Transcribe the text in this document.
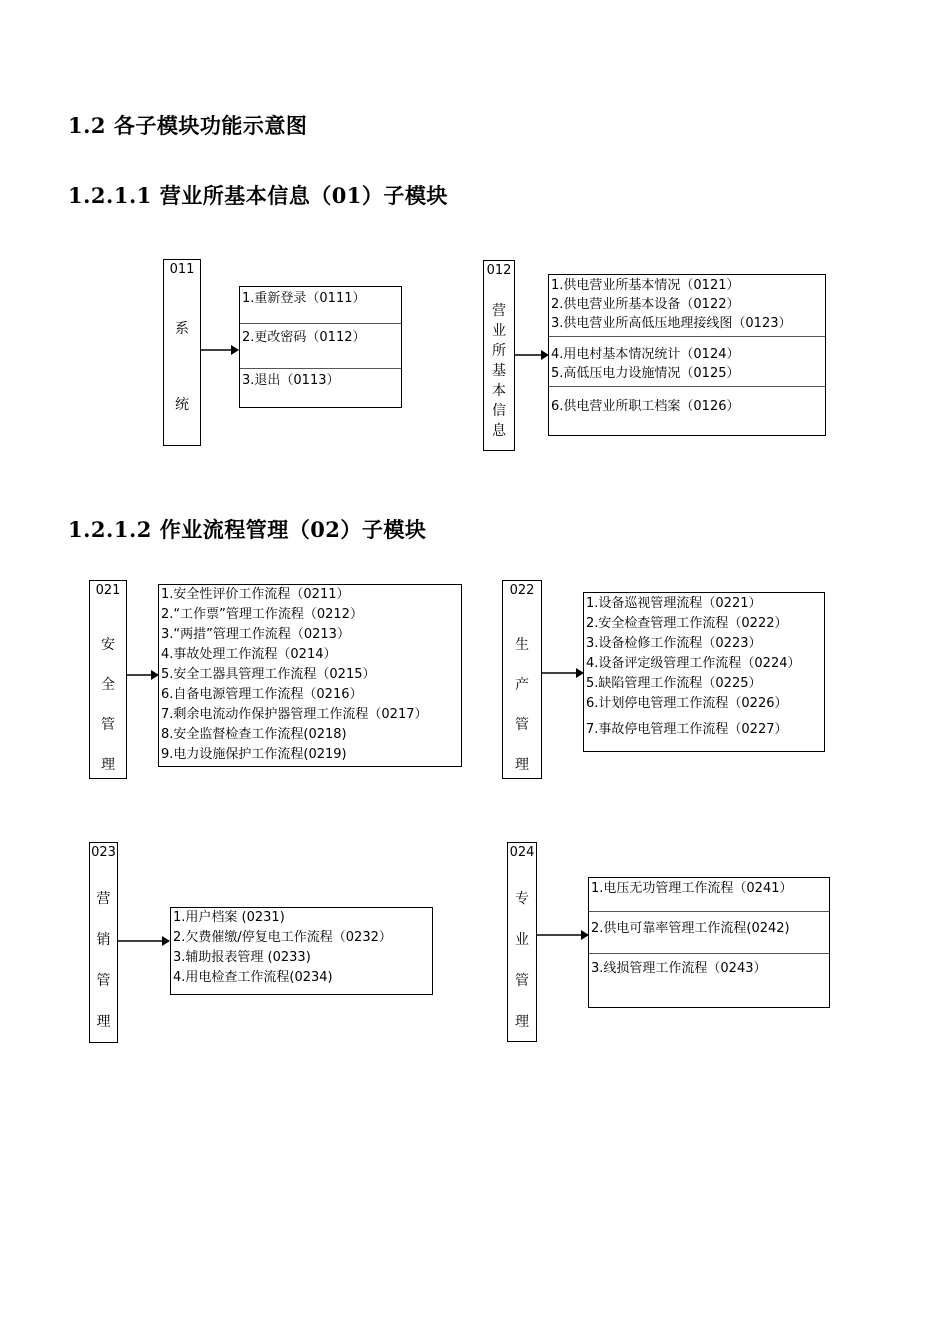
1.2 各子模块功能示意图
1.2.1.1 营业所基本信息（01）子模块
1.2.1.2 作业流程管理（02）子模块
011
系
统
1.重新登录（0111）
2.更改密码（0112）
3.退出（0113）
012
营
业
所
基
本
信
息
1.供电营业所基本情况（0121）
2.供电营业所基本设备（0122）
3.供电营业所高低压地理接线图（0123）
4.用电村基本情况统计（0124）
5.高低压电力设施情况（0125）
6.供电营业所职工档案（0126）
021
安
全
管
理
1.安全性评价工作流程（0211）
2.“工作票”管理工作流程（0212）
3.“两措”管理工作流程（0213）
4.事故处理工作流程（0214）
5.安全工器具管理工作流程（0215）
6.自备电源管理工作流程（0216）
7.剩余电流动作保护器管理工作流程（0217）
8.安全监督检查工作流程(0218)
9.电力设施保护工作流程(0219)
022
生
产
管
理
1.设备巡视管理流程（0221）
2.安全检查管理工作流程（0222）
3.设备检修工作流程（0223）
4.设备评定级管理工作流程（0224）
5.缺陷管理工作流程（0225）
6.计划停电管理工作流程（0226）
7.事故停电管理工作流程（0227）
023
营
销
管
理
1.用户档案 (0231)
2.欠费催缴/停复电工作流程（0232）
3.辅助报表管理 (0233)
4.用电检查工作流程(0234)
024
专
业
管
理
1.电压无功管理工作流程（0241）
2.供电可靠率管理工作流程(0242)
3.线损管理工作流程（0243）
